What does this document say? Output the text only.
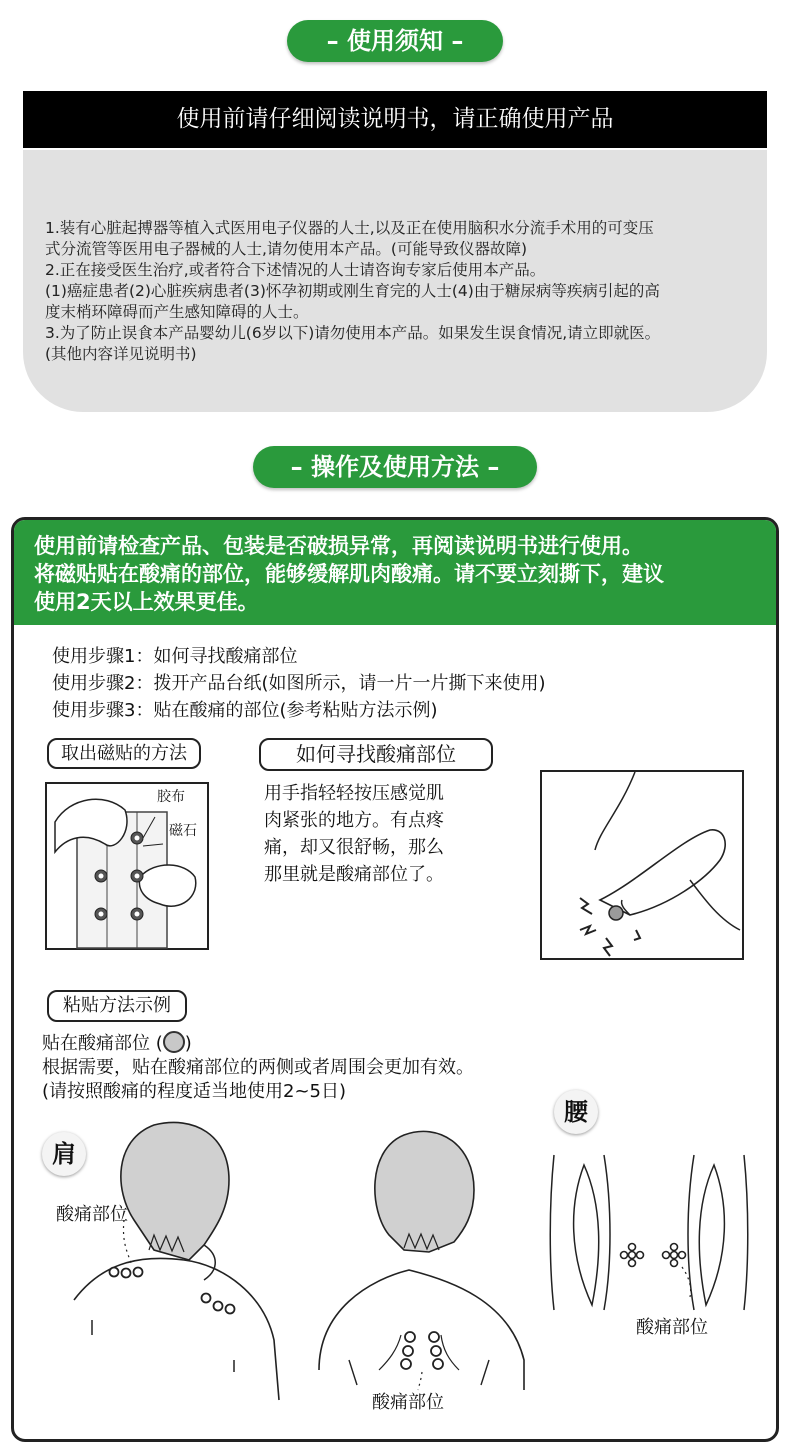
– 使用须知 –
使用前请仔细阅读说明书，请正确使用产品

1.装有心脏起搏器等植入式医用电子仪器的人士,以及正在使用脑积水分流手术用的可变压

式分流管等医用电子器械的人士,请勿使用本产品。(可能导致仪器故障)

2.正在接受医生治疗,或者符合下述情况的人士请咨询专家后使用本产品。

(1)癌症患者(2)心脏疾病患者(3)怀孕初期或刚生育完的人士(4)由于糖尿病等疾病引起的高

度末梢环障碍而产生感知障碍的人士。

3.为了防止误食本产品婴幼儿(6岁以下)请勿使用本产品。如果发生误食情况,请立即就医。

(其他内容详见说明书)

– 操作及使用方法 –
使用前请检查产品、包装是否破损异常，再阅读说明书进行使用。
将磁贴贴在酸痛的部位，能够缓解肌肉酸痛。请不要立刻撕下，建议
使用2天以上效果更佳。
使用步骤1：如何寻找酸痛部位
使用步骤2：拨开产品台纸(如图所示，请一片一片撕下来使用)
使用步骤3：贴在酸痛的部位(参考粘贴方法示例)
取出磁贴的方法	如何寻找酸痛部位
胶布
磁石
用手指轻轻按压感觉肌
肉紧张的地方。有点疼
痛，却又很舒畅，那么
那里就是酸痛部位了。
粘贴方法示例
贴在酸痛部位 ( )
根据需要，贴在酸痛部位的两侧或者周围会更加有效。
(请按照酸痛的程度适当地使用2~5日)
肩
腰
酸痛部位
酸痛部位
酸痛部位
